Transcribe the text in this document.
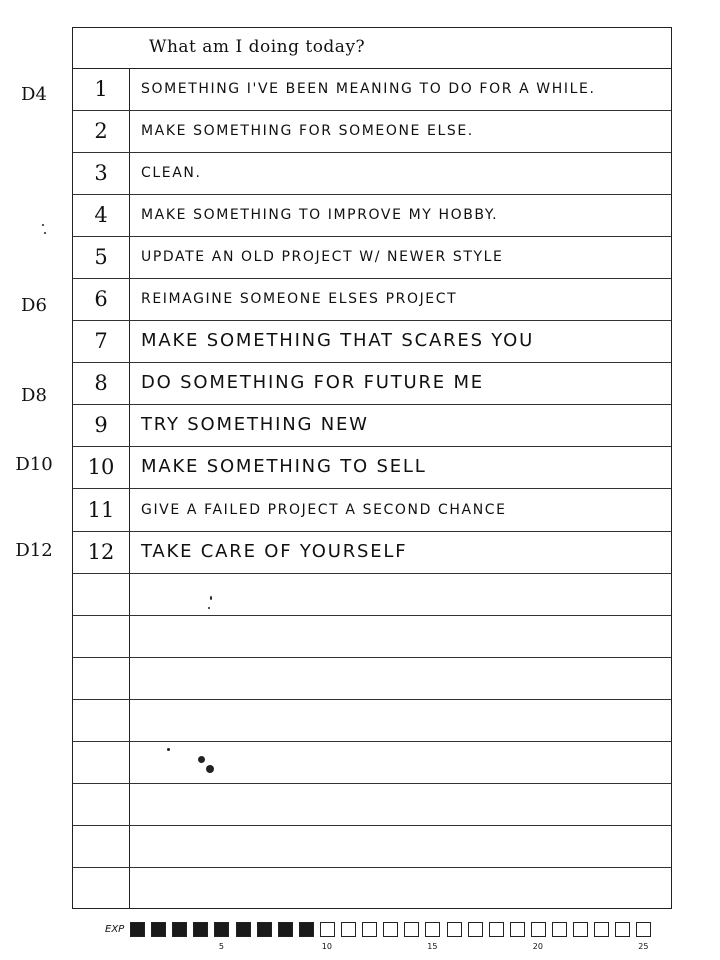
What am I doing today?
1	SOMETHING I'VE BEEN MEANING TO DO FOR A WHILE.
2	MAKE SOMETHING FOR SOMEONE ELSE.
3	CLEAN.
4	MAKE SOMETHING TO IMPROVE MY HOBBY.
5	UPDATE AN OLD PROJECT W/ NEWER STYLE
6	REIMAGINE SOMEONE ELSES PROJECT
7	MAKE SOMETHING THAT SCARES YOU
8	DO SOMETHING FOR FUTURE ME
9	TRY SOMETHING NEW
10	MAKE SOMETHING TO SELL
11	GIVE A FAILED PROJECT A SECOND CHANCE
12	TAKE CARE OF YOURSELF
D4
D6
D8
D10
D12
EXP
5	10	15	20	25
